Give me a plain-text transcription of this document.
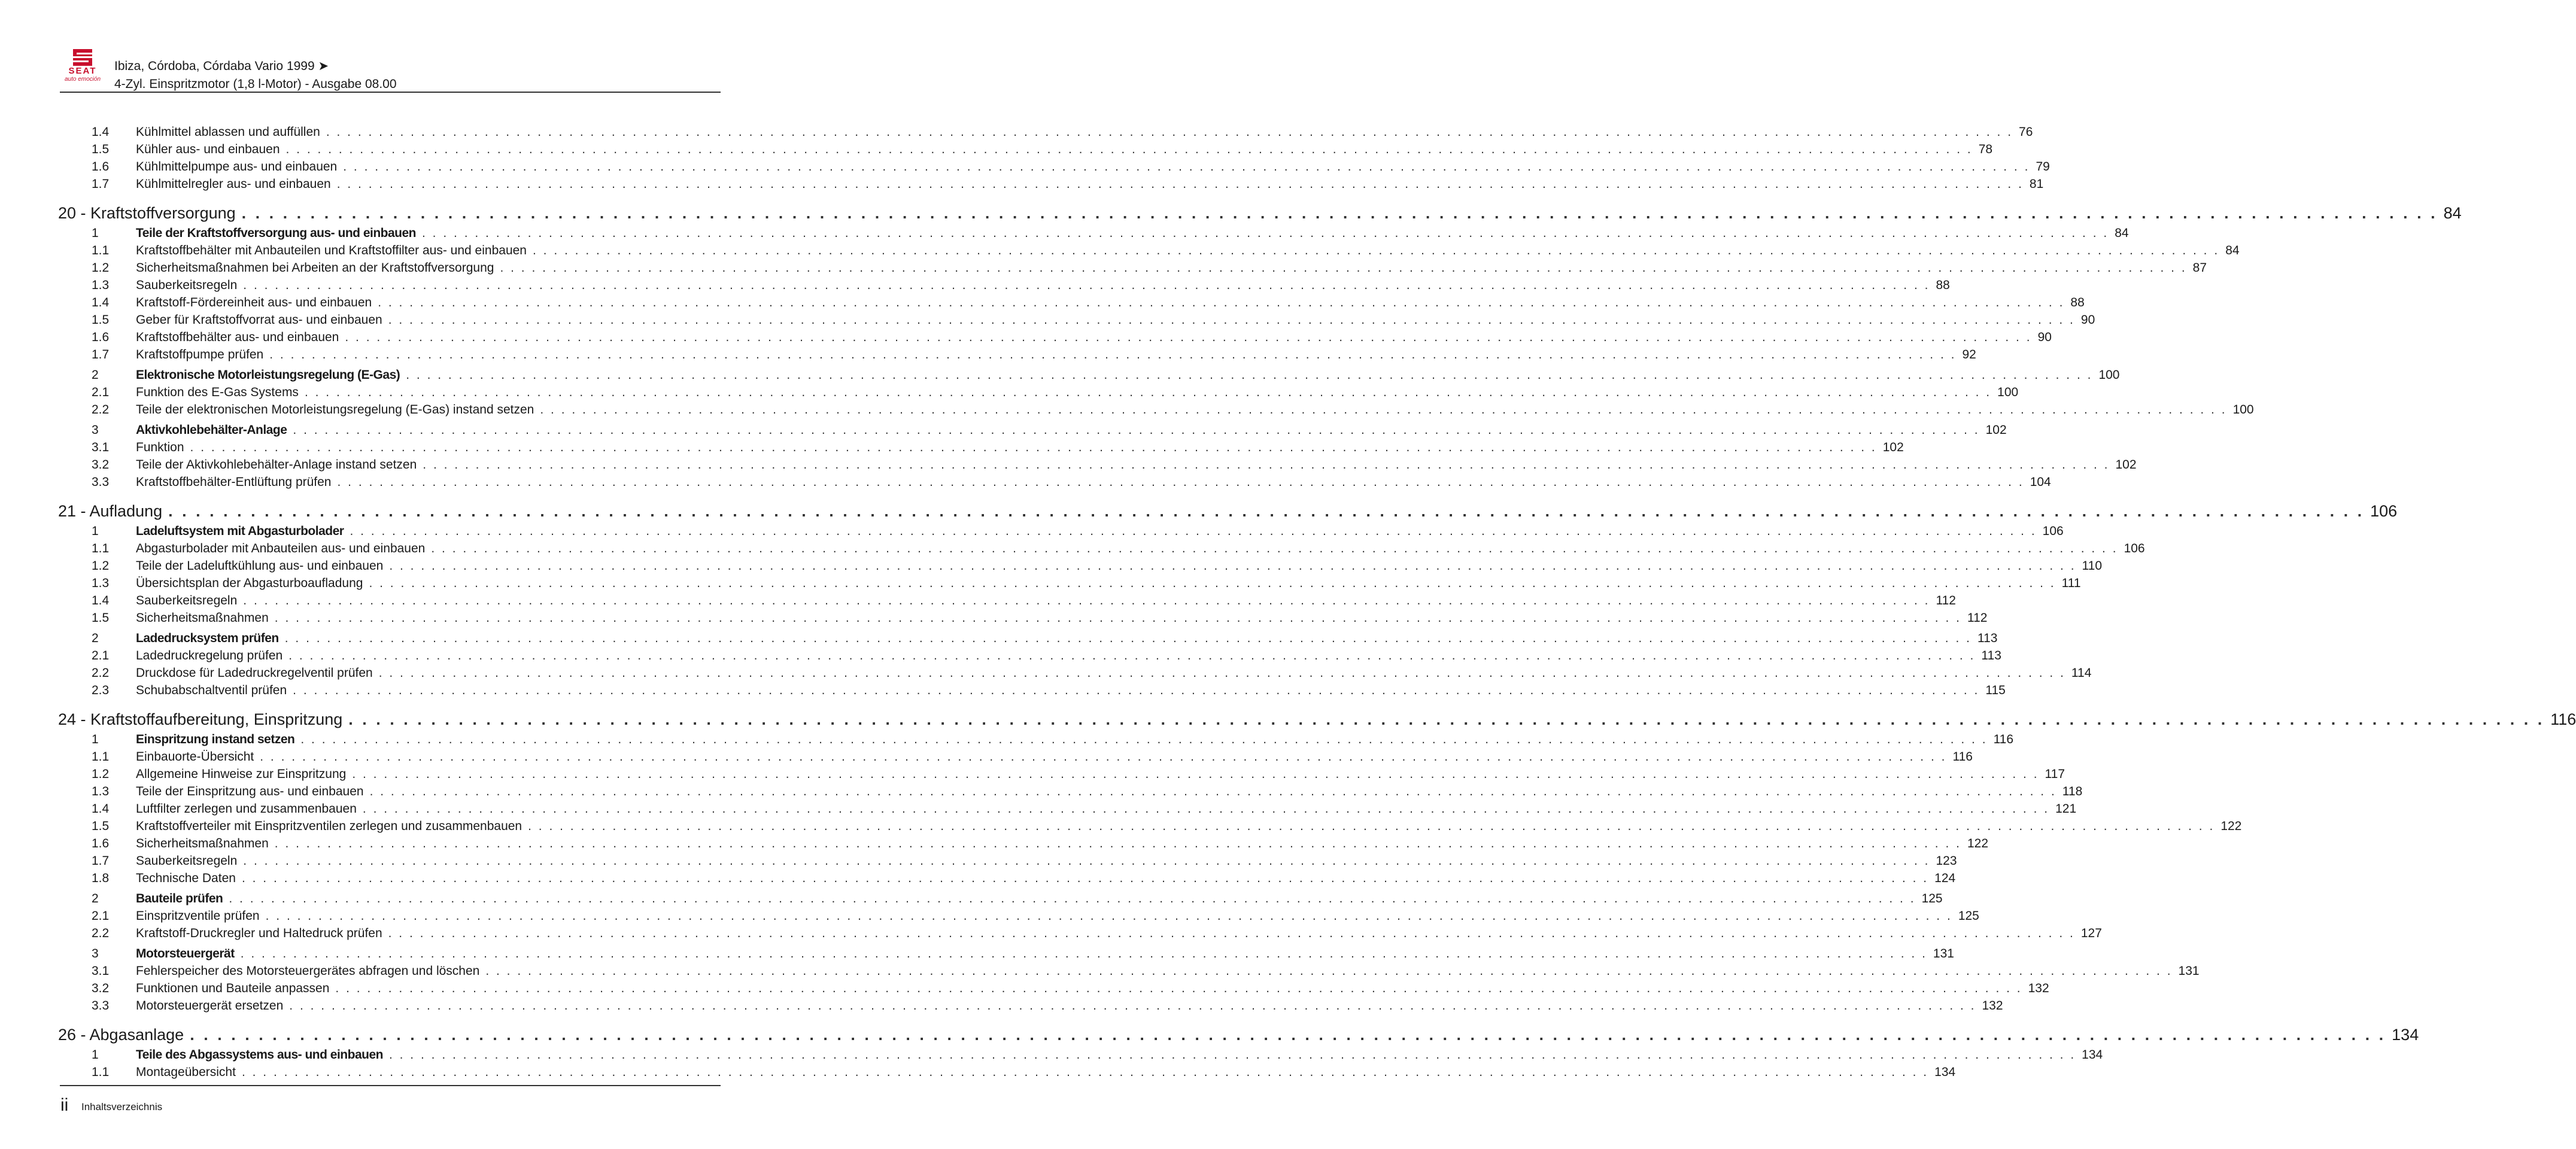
SEAT
auto emoción
Ibiza, Córdoba, Córdaba Vario 1999 ➤
4-Zyl. Einspritzmotor (1,8 l-Motor) - Ausgabe 08.00
1.4 Kühlmittel ablassen und auffüllen . . . . . . . . . . . . . . . . . . . . . . . . . . . . . . . . . . . . . . . . . . . . . . . . . . . . . . . . . . . . . . . . . . . . . . . . . . . . . . . . . . . . . . . . . . . . . . . . . . . . . . . . . . . . . . . . . . . . . . . . . . . . . . . . . . . . . . . . . . . . . . . . . . . . . . . . . . . . . . . . 76
1.5 Kühler aus- und einbauen . . . . . . . . . . . . . . . . . . . . . . . . . . . . . . . . . . . . . . . . . . . . . . . . . . . . . . . . . . . . . . . . . . . . . . . . . . . . . . . . . . . . . . . . . . . . . . . . . . . . . . . . . . . . . . . . . . . . . . . . . . . . . . . . . . . . . . . . . . . . . . . . . . . . . . . . . . . . . . . . 78
1.6 Kühlmittelpumpe aus- und einbauen . . . . . . . . . . . . . . . . . . . . . . . . . . . . . . . . . . . . . . . . . . . . . . . . . . . . . . . . . . . . . . . . . . . . . . . . . . . . . . . . . . . . . . . . . . . . . . . . . . . . . . . . . . . . . . . . . . . . . . . . . . . . . . . . . . . . . . . . . . . . . . . . . . . . . . . . . . . . . . . . 79
1.7 Kühlmittelregler aus- und einbauen . . . . . . . . . . . . . . . . . . . . . . . . . . . . . . . . . . . . . . . . . . . . . . . . . . . . . . . . . . . . . . . . . . . . . . . . . . . . . . . . . . . . . . . . . . . . . . . . . . . . . . . . . . . . . . . . . . . . . . . . . . . . . . . . . . . . . . . . . . . . . . . . . . . . . . . . . . . . . . . . 81
20 - Kraftstoffversorgung . . . . . . . . . . . . . . . . . . . . . . . . . . . . . . . . . . . . . . . . . . . . . . . . . . . . . . . . . . . . . . . . . . . . . . . . . . . . . . . . . . . . . . . . . . . . . . . . . . . . . . . . . . . . . . . . . . . . . . . . . . . . . . . . . . . . . . . . . . . . . . . . . . . . . . . . . . . . . . . . 84
1	Teile der Kraftstoffversorgung aus- und einbauen . . . . . . . . . . . . . . . . . . . . . . . . . . . . . . . . . . . . . . . . . . . . . . . . . . . . . . . . . . . . . . . . . . . . . . . . . . . . . . . . . . . . . . . . . . . . . . . . . . . . . . . . . . . . . . . . . . . . . . . . . . . . . . . . . . . . . . . . . . . . . . . . . . . . . . . . . . . . . . . . 84
1.1 Kraftstoffbehälter mit Anbauteilen und Kraftstoffilter aus- und einbauen . . . . . . . . . . . . . . . . . . . . . . . . . . . . . . . . . . . . . . . . . . . . . . . . . . . . . . . . . . . . . . . . . . . . . . . . . . . . . . . . . . . . . . . . . . . . . . . . . . . . . . . . . . . . . . . . . . . . . . . . . . . . . . . . . . . . . . . . . . . . . . . . . . . . . . . . . . . . . . . . 84
1.2 Sicherheitsmaßnahmen bei Arbeiten an der Kraftstoffversorgung . . . . . . . . . . . . . . . . . . . . . . . . . . . . . . . . . . . . . . . . . . . . . . . . . . . . . . . . . . . . . . . . . . . . . . . . . . . . . . . . . . . . . . . . . . . . . . . . . . . . . . . . . . . . . . . . . . . . . . . . . . . . . . . . . . . . . . . . . . . . . . . . . . . . . . . . . . . . . . . . 87
1.3 Sauberkeitsregeln . . . . . . . . . . . . . . . . . . . . . . . . . . . . . . . . . . . . . . . . . . . . . . . . . . . . . . . . . . . . . . . . . . . . . . . . . . . . . . . . . . . . . . . . . . . . . . . . . . . . . . . . . . . . . . . . . . . . . . . . . . . . . . . . . . . . . . . . . . . . . . . . . . . . . . . . . . . . . . . . 88
1.4 Kraftstoff-Fördereinheit aus- und einbauen . . . . . . . . . . . . . . . . . . . . . . . . . . . . . . . . . . . . . . . . . . . . . . . . . . . . . . . . . . . . . . . . . . . . . . . . . . . . . . . . . . . . . . . . . . . . . . . . . . . . . . . . . . . . . . . . . . . . . . . . . . . . . . . . . . . . . . . . . . . . . . . . . . . . . . . . . . . . . . . . 88
1.5 Geber für Kraftstoffvorrat aus- und einbauen . . . . . . . . . . . . . . . . . . . . . . . . . . . . . . . . . . . . . . . . . . . . . . . . . . . . . . . . . . . . . . . . . . . . . . . . . . . . . . . . . . . . . . . . . . . . . . . . . . . . . . . . . . . . . . . . . . . . . . . . . . . . . . . . . . . . . . . . . . . . . . . . . . . . . . . . . . . . . . . . 90
1.6 Kraftstoffbehälter aus- und einbauen . . . . . . . . . . . . . . . . . . . . . . . . . . . . . . . . . . . . . . . . . . . . . . . . . . . . . . . . . . . . . . . . . . . . . . . . . . . . . . . . . . . . . . . . . . . . . . . . . . . . . . . . . . . . . . . . . . . . . . . . . . . . . . . . . . . . . . . . . . . . . . . . . . . . . . . . . . . . . . . . 90
1.7 Kraftstoffpumpe prüfen . . . . . . . . . . . . . . . . . . . . . . . . . . . . . . . . . . . . . . . . . . . . . . . . . . . . . . . . . . . . . . . . . . . . . . . . . . . . . . . . . . . . . . . . . . . . . . . . . . . . . . . . . . . . . . . . . . . . . . . . . . . . . . . . . . . . . . . . . . . . . . . . . . . . . . . . . . . . . . . . 92
2	Elektronische Motorleistungsregelung (E-Gas) . . . . . . . . . . . . . . . . . . . . . . . . . . . . . . . . . . . . . . . . . . . . . . . . . . . . . . . . . . . . . . . . . . . . . . . . . . . . . . . . . . . . . . . . . . . . . . . . . . . . . . . . . . . . . . . . . . . . . . . . . . . . . . . . . . . . . . . . . . . . . . . . . . . . . . . . . . . . . . . . 100
2.1 Funktion des E-Gas Systems . . . . . . . . . . . . . . . . . . . . . . . . . . . . . . . . . . . . . . . . . . . . . . . . . . . . . . . . . . . . . . . . . . . . . . . . . . . . . . . . . . . . . . . . . . . . . . . . . . . . . . . . . . . . . . . . . . . . . . . . . . . . . . . . . . . . . . . . . . . . . . . . . . . . . . . . . . . . . . . . 100
2.2 Teile der elektronischen Motorleistungsregelung (E-Gas) instand setzen . . . . . . . . . . . . . . . . . . . . . . . . . . . . . . . . . . . . . . . . . . . . . . . . . . . . . . . . . . . . . . . . . . . . . . . . . . . . . . . . . . . . . . . . . . . . . . . . . . . . . . . . . . . . . . . . . . . . . . . . . . . . . . . . . . . . . . . . . . . . . . . . . . . . . . . . . . . . . . . . 100
3	Aktivkohlebehälter-Anlage . . . . . . . . . . . . . . . . . . . . . . . . . . . . . . . . . . . . . . . . . . . . . . . . . . . . . . . . . . . . . . . . . . . . . . . . . . . . . . . . . . . . . . . . . . . . . . . . . . . . . . . . . . . . . . . . . . . . . . . . . . . . . . . . . . . . . . . . . . . . . . . . . . . . . . . . . . . . . . . . 102
3.1 Funktion . . . . . . . . . . . . . . . . . . . . . . . . . . . . . . . . . . . . . . . . . . . . . . . . . . . . . . . . . . . . . . . . . . . . . . . . . . . . . . . . . . . . . . . . . . . . . . . . . . . . . . . . . . . . . . . . . . . . . . . . . . . . . . . . . . . . . . . . . . . . . . . . . . . . . . . . . . . . . . . . 102
3.2 Teile der Aktivkohlebehälter-Anlage instand setzen . . . . . . . . . . . . . . . . . . . . . . . . . . . . . . . . . . . . . . . . . . . . . . . . . . . . . . . . . . . . . . . . . . . . . . . . . . . . . . . . . . . . . . . . . . . . . . . . . . . . . . . . . . . . . . . . . . . . . . . . . . . . . . . . . . . . . . . . . . . . . . . . . . . . . . . . . . . . . . . . 102
3.3 Kraftstoffbehälter-Entlüftung prüfen . . . . . . . . . . . . . . . . . . . . . . . . . . . . . . . . . . . . . . . . . . . . . . . . . . . . . . . . . . . . . . . . . . . . . . . . . . . . . . . . . . . . . . . . . . . . . . . . . . . . . . . . . . . . . . . . . . . . . . . . . . . . . . . . . . . . . . . . . . . . . . . . . . . . . . . . . . . . . . . . 104
21 - Aufladung . . . . . . . . . . . . . . . . . . . . . . . . . . . . . . . . . . . . . . . . . . . . . . . . . . . . . . . . . . . . . . . . . . . . . . . . . . . . . . . . . . . . . . . . . . . . . . . . . . . . . . . . . . . . . . . . . . . . . . . . . . . . . . . . . . . . . . . . . . . . . . . . . . . . . . . . . . . . . . . . 106
1	Ladeluftsystem mit Abgasturbolader . . . . . . . . . . . . . . . . . . . . . . . . . . . . . . . . . . . . . . . . . . . . . . . . . . . . . . . . . . . . . . . . . . . . . . . . . . . . . . . . . . . . . . . . . . . . . . . . . . . . . . . . . . . . . . . . . . . . . . . . . . . . . . . . . . . . . . . . . . . . . . . . . . . . . . . . . . . . . . . . 106
1.1 Abgasturbolader mit Anbauteilen aus- und einbauen . . . . . . . . . . . . . . . . . . . . . . . . . . . . . . . . . . . . . . . . . . . . . . . . . . . . . . . . . . . . . . . . . . . . . . . . . . . . . . . . . . . . . . . . . . . . . . . . . . . . . . . . . . . . . . . . . . . . . . . . . . . . . . . . . . . . . . . . . . . . . . . . . . . . . . . . . . . . . . . . 106
1.2 Teile der Ladeluftkühlung aus- und einbauen . . . . . . . . . . . . . . . . . . . . . . . . . . . . . . . . . . . . . . . . . . . . . . . . . . . . . . . . . . . . . . . . . . . . . . . . . . . . . . . . . . . . . . . . . . . . . . . . . . . . . . . . . . . . . . . . . . . . . . . . . . . . . . . . . . . . . . . . . . . . . . . . . . . . . . . . . . . . . . . . 110
1.3 Übersichtsplan der Abgasturboaufladung . . . . . . . . . . . . . . . . . . . . . . . . . . . . . . . . . . . . . . . . . . . . . . . . . . . . . . . . . . . . . . . . . . . . . . . . . . . . . . . . . . . . . . . . . . . . . . . . . . . . . . . . . . . . . . . . . . . . . . . . . . . . . . . . . . . . . . . . . . . . . . . . . . . . . . . . . . . . . . . . 111
1.4 Sauberkeitsregeln . . . . . . . . . . . . . . . . . . . . . . . . . . . . . . . . . . . . . . . . . . . . . . . . . . . . . . . . . . . . . . . . . . . . . . . . . . . . . . . . . . . . . . . . . . . . . . . . . . . . . . . . . . . . . . . . . . . . . . . . . . . . . . . . . . . . . . . . . . . . . . . . . . . . . . . . . . . . . . . . 112
1.5 Sicherheitsmaßnahmen . . . . . . . . . . . . . . . . . . . . . . . . . . . . . . . . . . . . . . . . . . . . . . . . . . . . . . . . . . . . . . . . . . . . . . . . . . . . . . . . . . . . . . . . . . . . . . . . . . . . . . . . . . . . . . . . . . . . . . . . . . . . . . . . . . . . . . . . . . . . . . . . . . . . . . . . . . . . . . . . 112
2	Ladedrucksystem prüfen . . . . . . . . . . . . . . . . . . . . . . . . . . . . . . . . . . . . . . . . . . . . . . . . . . . . . . . . . . . . . . . . . . . . . . . . . . . . . . . . . . . . . . . . . . . . . . . . . . . . . . . . . . . . . . . . . . . . . . . . . . . . . . . . . . . . . . . . . . . . . . . . . . . . . . . . . . . . . . . . 113
2.1 Ladedruckregelung prüfen . . . . . . . . . . . . . . . . . . . . . . . . . . . . . . . . . . . . . . . . . . . . . . . . . . . . . . . . . . . . . . . . . . . . . . . . . . . . . . . . . . . . . . . . . . . . . . . . . . . . . . . . . . . . . . . . . . . . . . . . . . . . . . . . . . . . . . . . . . . . . . . . . . . . . . . . . . . . . . . . 113
2.2 Druckdose für Ladedruckregelventil prüfen . . . . . . . . . . . . . . . . . . . . . . . . . . . . . . . . . . . . . . . . . . . . . . . . . . . . . . . . . . . . . . . . . . . . . . . . . . . . . . . . . . . . . . . . . . . . . . . . . . . . . . . . . . . . . . . . . . . . . . . . . . . . . . . . . . . . . . . . . . . . . . . . . . . . . . . . . . . . . . . . 114
2.3 Schubabschaltventil prüfen . . . . . . . . . . . . . . . . . . . . . . . . . . . . . . . . . . . . . . . . . . . . . . . . . . . . . . . . . . . . . . . . . . . . . . . . . . . . . . . . . . . . . . . . . . . . . . . . . . . . . . . . . . . . . . . . . . . . . . . . . . . . . . . . . . . . . . . . . . . . . . . . . . . . . . . . . . . . . . . . 115
24 - Kraftstoffaufbereitung, Einspritzung . . . . . . . . . . . . . . . . . . . . . . . . . . . . . . . . . . . . . . . . . . . . . . . . . . . . . . . . . . . . . . . . . . . . . . . . . . . . . . . . . . . . . . . . . . . . . . . . . . . . . . . . . . . . . . . . . . . . . . . . . . . . . . . . . . . . . . . . . . . . . . . . . . . . . . . . . . . . . . . . 116
1	Einspritzung instand setzen . . . . . . . . . . . . . . . . . . . . . . . . . . . . . . . . . . . . . . . . . . . . . . . . . . . . . . . . . . . . . . . . . . . . . . . . . . . . . . . . . . . . . . . . . . . . . . . . . . . . . . . . . . . . . . . . . . . . . . . . . . . . . . . . . . . . . . . . . . . . . . . . . . . . . . . . . . . . . . . . 116
1.1 Einbauorte-Übersicht . . . . . . . . . . . . . . . . . . . . . . . . . . . . . . . . . . . . . . . . . . . . . . . . . . . . . . . . . . . . . . . . . . . . . . . . . . . . . . . . . . . . . . . . . . . . . . . . . . . . . . . . . . . . . . . . . . . . . . . . . . . . . . . . . . . . . . . . . . . . . . . . . . . . . . . . . . . . . . . . 116
1.2 Allgemeine Hinweise zur Einspritzung . . . . . . . . . . . . . . . . . . . . . . . . . . . . . . . . . . . . . . . . . . . . . . . . . . . . . . . . . . . . . . . . . . . . . . . . . . . . . . . . . . . . . . . . . . . . . . . . . . . . . . . . . . . . . . . . . . . . . . . . . . . . . . . . . . . . . . . . . . . . . . . . . . . . . . . . . . . . . . . . 117
1.3 Teile der Einspritzung aus- und einbauen . . . . . . . . . . . . . . . . . . . . . . . . . . . . . . . . . . . . . . . . . . . . . . . . . . . . . . . . . . . . . . . . . . . . . . . . . . . . . . . . . . . . . . . . . . . . . . . . . . . . . . . . . . . . . . . . . . . . . . . . . . . . . . . . . . . . . . . . . . . . . . . . . . . . . . . . . . . . . . . . 118
1.4 Luftfilter zerlegen und zusammenbauen . . . . . . . . . . . . . . . . . . . . . . . . . . . . . . . . . . . . . . . . . . . . . . . . . . . . . . . . . . . . . . . . . . . . . . . . . . . . . . . . . . . . . . . . . . . . . . . . . . . . . . . . . . . . . . . . . . . . . . . . . . . . . . . . . . . . . . . . . . . . . . . . . . . . . . . . . . . . . . . . 121
1.5 Kraftstoffverteiler mit Einspritzventilen zerlegen und zusammenbauen . . . . . . . . . . . . . . . . . . . . . . . . . . . . . . . . . . . . . . . . . . . . . . . . . . . . . . . . . . . . . . . . . . . . . . . . . . . . . . . . . . . . . . . . . . . . . . . . . . . . . . . . . . . . . . . . . . . . . . . . . . . . . . . . . . . . . . . . . . . . . . . . . . . . . . . . . . . . . . . . 122
1.6 Sicherheitsmaßnahmen . . . . . . . . . . . . . . . . . . . . . . . . . . . . . . . . . . . . . . . . . . . . . . . . . . . . . . . . . . . . . . . . . . . . . . . . . . . . . . . . . . . . . . . . . . . . . . . . . . . . . . . . . . . . . . . . . . . . . . . . . . . . . . . . . . . . . . . . . . . . . . . . . . . . . . . . . . . . . . . . 122
1.7 Sauberkeitsregeln . . . . . . . . . . . . . . . . . . . . . . . . . . . . . . . . . . . . . . . . . . . . . . . . . . . . . . . . . . . . . . . . . . . . . . . . . . . . . . . . . . . . . . . . . . . . . . . . . . . . . . . . . . . . . . . . . . . . . . . . . . . . . . . . . . . . . . . . . . . . . . . . . . . . . . . . . . . . . . . . 123
1.8 Technische Daten . . . . . . . . . . . . . . . . . . . . . . . . . . . . . . . . . . . . . . . . . . . . . . . . . . . . . . . . . . . . . . . . . . . . . . . . . . . . . . . . . . . . . . . . . . . . . . . . . . . . . . . . . . . . . . . . . . . . . . . . . . . . . . . . . . . . . . . . . . . . . . . . . . . . . . . . . . . . . . . . 124
2	Bauteile prüfen . . . . . . . . . . . . . . . . . . . . . . . . . . . . . . . . . . . . . . . . . . . . . . . . . . . . . . . . . . . . . . . . . . . . . . . . . . . . . . . . . . . . . . . . . . . . . . . . . . . . . . . . . . . . . . . . . . . . . . . . . . . . . . . . . . . . . . . . . . . . . . . . . . . . . . . . . . . . . . . . 125
2.1 Einspritzventile prüfen . . . . . . . . . . . . . . . . . . . . . . . . . . . . . . . . . . . . . . . . . . . . . . . . . . . . . . . . . . . . . . . . . . . . . . . . . . . . . . . . . . . . . . . . . . . . . . . . . . . . . . . . . . . . . . . . . . . . . . . . . . . . . . . . . . . . . . . . . . . . . . . . . . . . . . . . . . . . . . . . 125
2.2 Kraftstoff-Druckregler und Haltedruck prüfen . . . . . . . . . . . . . . . . . . . . . . . . . . . . . . . . . . . . . . . . . . . . . . . . . . . . . . . . . . . . . . . . . . . . . . . . . . . . . . . . . . . . . . . . . . . . . . . . . . . . . . . . . . . . . . . . . . . . . . . . . . . . . . . . . . . . . . . . . . . . . . . . . . . . . . . . . . . . . . . . 127
3	Motorsteuergerät . . . . . . . . . . . . . . . . . . . . . . . . . . . . . . . . . . . . . . . . . . . . . . . . . . . . . . . . . . . . . . . . . . . . . . . . . . . . . . . . . . . . . . . . . . . . . . . . . . . . . . . . . . . . . . . . . . . . . . . . . . . . . . . . . . . . . . . . . . . . . . . . . . . . . . . . . . . . . . . . 131
3.1 Fehlerspeicher des Motorsteuergerätes abfragen und löschen . . . . . . . . . . . . . . . . . . . . . . . . . . . . . . . . . . . . . . . . . . . . . . . . . . . . . . . . . . . . . . . . . . . . . . . . . . . . . . . . . . . . . . . . . . . . . . . . . . . . . . . . . . . . . . . . . . . . . . . . . . . . . . . . . . . . . . . . . . . . . . . . . . . . . . . . . . . . . . . . 131
3.2 Funktionen und Bauteile anpassen . . . . . . . . . . . . . . . . . . . . . . . . . . . . . . . . . . . . . . . . . . . . . . . . . . . . . . . . . . . . . . . . . . . . . . . . . . . . . . . . . . . . . . . . . . . . . . . . . . . . . . . . . . . . . . . . . . . . . . . . . . . . . . . . . . . . . . . . . . . . . . . . . . . . . . . . . . . . . . . . 132
3.3 Motorsteuergerät ersetzen . . . . . . . . . . . . . . . . . . . . . . . . . . . . . . . . . . . . . . . . . . . . . . . . . . . . . . . . . . . . . . . . . . . . . . . . . . . . . . . . . . . . . . . . . . . . . . . . . . . . . . . . . . . . . . . . . . . . . . . . . . . . . . . . . . . . . . . . . . . . . . . . . . . . . . . . . . . . . . . . 132
26 - Abgasanlage . . . . . . . . . . . . . . . . . . . . . . . . . . . . . . . . . . . . . . . . . . . . . . . . . . . . . . . . . . . . . . . . . . . . . . . . . . . . . . . . . . . . . . . . . . . . . . . . . . . . . . . . . . . . . . . . . . . . . . . . . . . . . . . . . . . . . . . . . . . . . . . . . . . . . . . . . . . . . . . . 134
1	Teile des Abgassystems aus- und einbauen . . . . . . . . . . . . . . . . . . . . . . . . . . . . . . . . . . . . . . . . . . . . . . . . . . . . . . . . . . . . . . . . . . . . . . . . . . . . . . . . . . . . . . . . . . . . . . . . . . . . . . . . . . . . . . . . . . . . . . . . . . . . . . . . . . . . . . . . . . . . . . . . . . . . . . . . . . . . . . . . 134
1.1 Montageübersicht . . . . . . . . . . . . . . . . . . . . . . . . . . . . . . . . . . . . . . . . . . . . . . . . . . . . . . . . . . . . . . . . . . . . . . . . . . . . . . . . . . . . . . . . . . . . . . . . . . . . . . . . . . . . . . . . . . . . . . . . . . . . . . . . . . . . . . . . . . . . . . . . . . . . . . . . . . . . . . . . 134
ii Inhaltsverzeichnis
